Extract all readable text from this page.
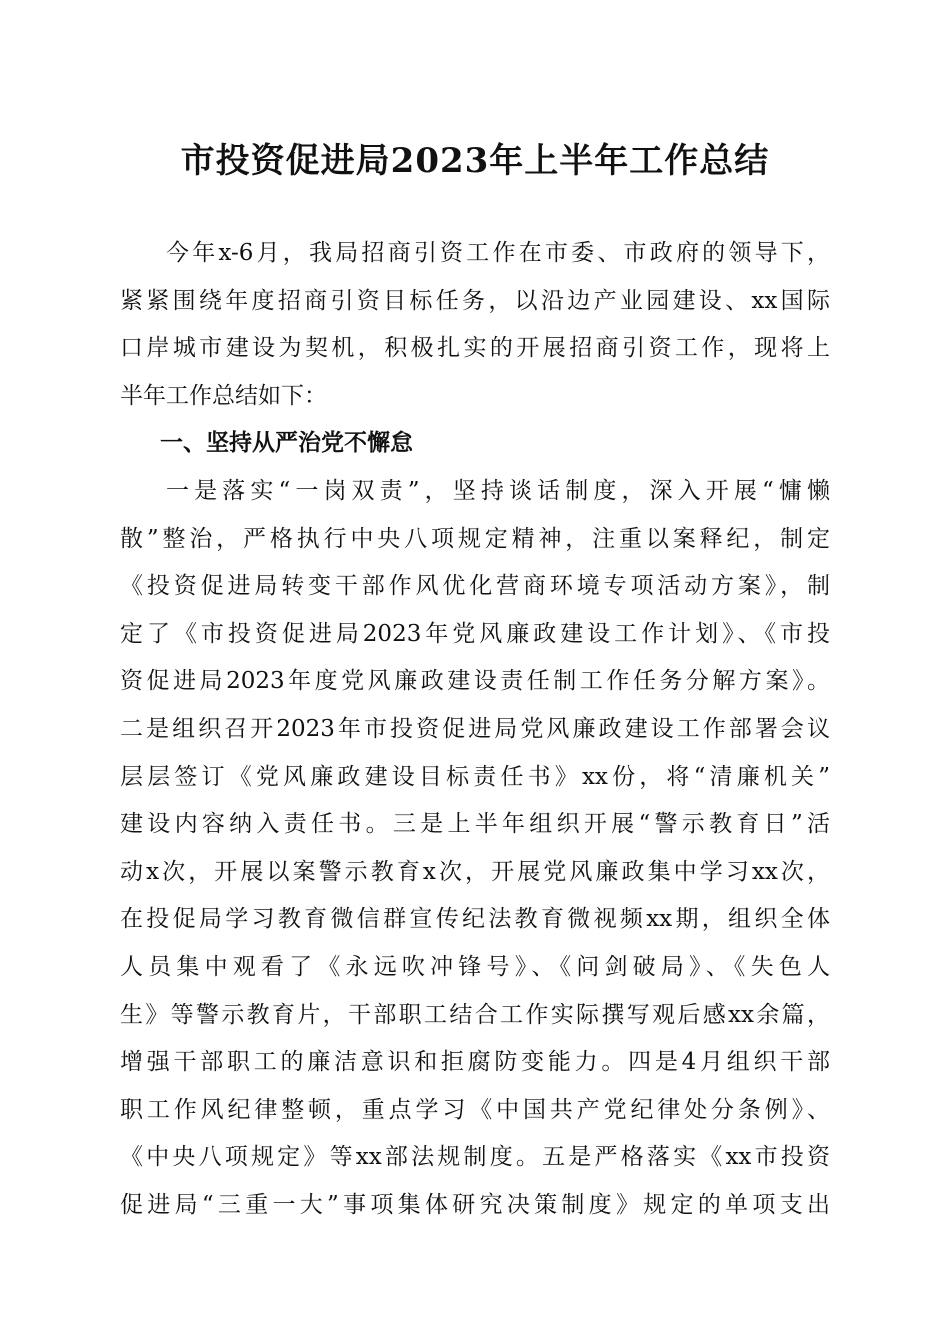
市投资促进局2023年上半年工作总结
今年x-6月，我局招商引资工作在市委、市政府的领导下，
紧紧围绕年度招商引资目标任务，以沿边产业园建设、xx国际
口岸城市建设为契机，积极扎实的开展招商引资工作，现将上
半年工作总结如下：
一、坚持从严治党不懈怠
一是落实“一岗双责”，坚持谈话制度，深入开展“慵懒
散”整治，严格执行中央八项规定精神，注重以案释纪，制定
《投资促进局转变干部作风优化营商环境专项活动方案》，制
定了《市投资促进局2023年党风廉政建设工作计划》、《市投
资促进局2023年度党风廉政建设责任制工作任务分解方案》。
二是组织召开2023年市投资促进局党风廉政建设工作部署会议
层层签订《党风廉政建设目标责任书》xx份，将“清廉机关”
建设内容纳入责任书。三是上半年组织开展“警示教育日”活
动x次，开展以案警示教育x次，开展党风廉政集中学习xx次，
在投促局学习教育微信群宣传纪法教育微视频xx期，组织全体
人员集中观看了《永远吹冲锋号》、《问剑破局》、《失色人
生》等警示教育片，干部职工结合工作实际撰写观后感xx余篇，
增强干部职工的廉洁意识和拒腐防变能力。四是4月组织干部
职工作风纪律整顿，重点学习《中国共产党纪律处分条例》、
《中央八项规定》等xx部法规制度。五是严格落实《xx市投资
促进局“三重一大”事项集体研究决策制度》规定的单项支出
